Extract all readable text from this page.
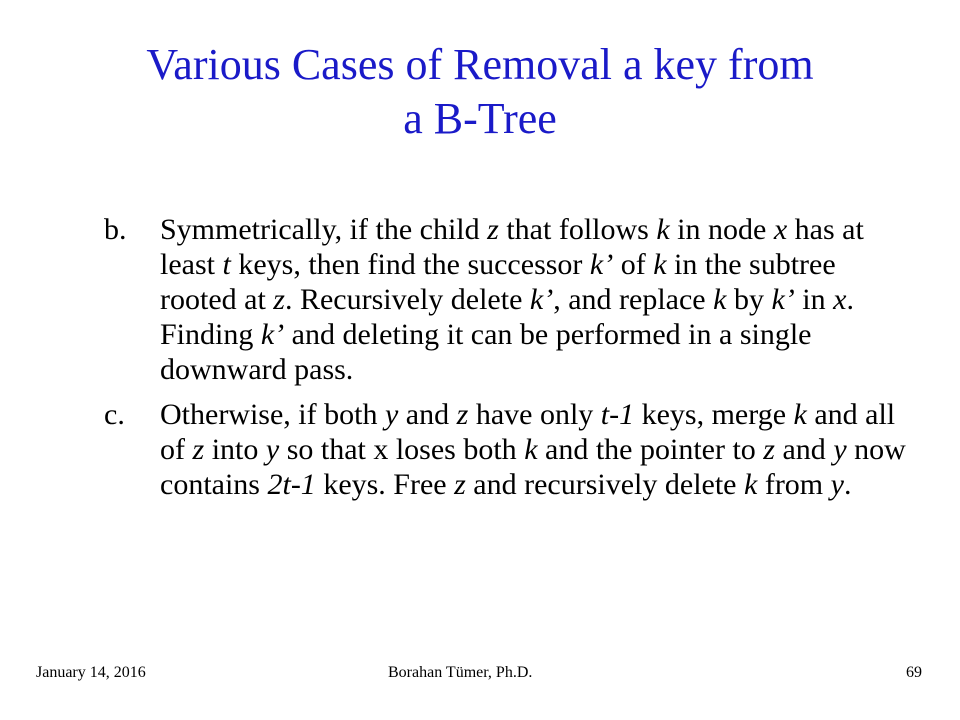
Various Cases of Removal a key from
a B-Tree
b. Symmetrically, if the child z that follows k in node x has at least t keys, then find the successor k’ of k in the subtree rooted at z. Recursively delete k’, and replace k by k’ in x. Finding k’ and deleting it can be performed in a single downward pass.
c. Otherwise, if both y and z have only t-1 keys, merge k and all of z into y so that x loses both k and the pointer to z and y now contains 2t-1 keys. Free z and recursively delete k from y.
January 14, 2016	Borahan Tümer, Ph.D.	69
